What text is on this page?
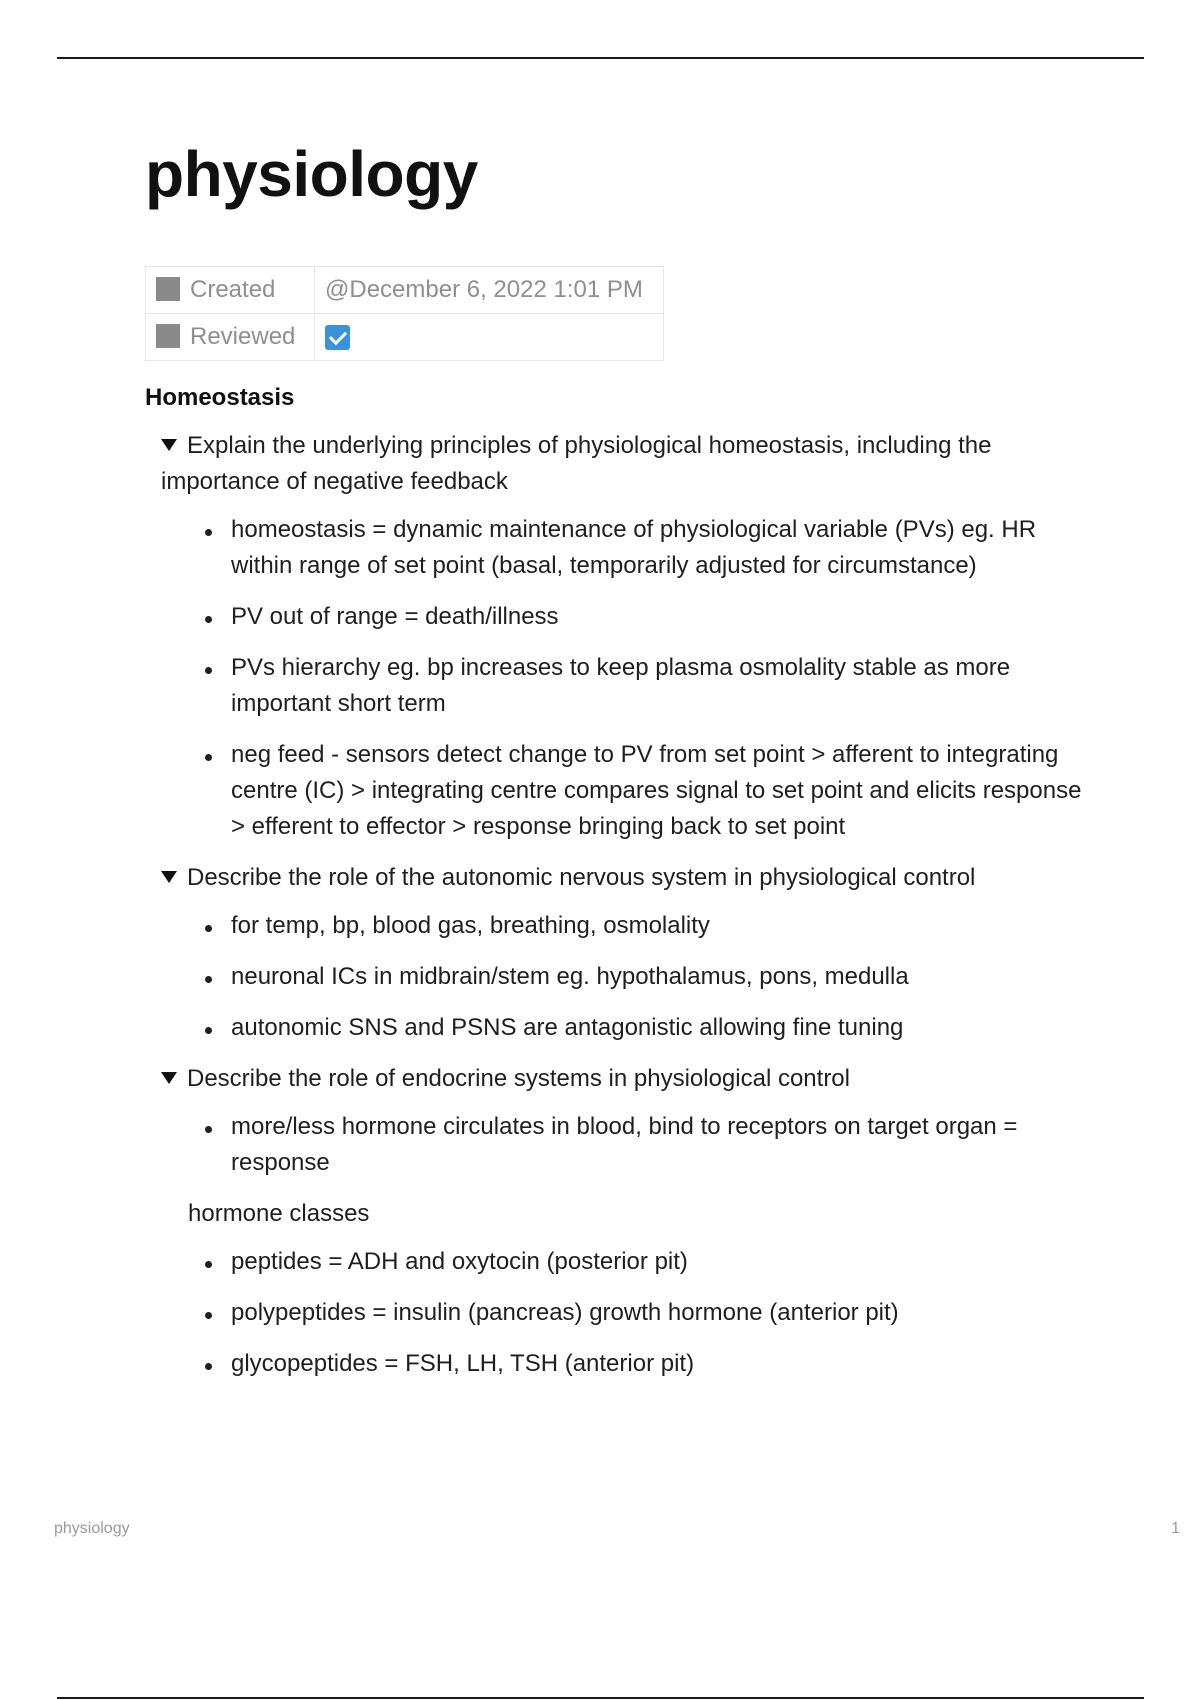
physiology
Created	@December 6, 2022 1:01 PM
Reviewed	
Homeostasis
Explain the underlying principles of physiological homeostasis, including the importance of negative feedback
homeostasis = dynamic maintenance of physiological variable (PVs) eg. HR within range of set point (basal, temporarily adjusted for circumstance)
PV out of range = death/illness
PVs hierarchy eg. bp increases to keep plasma osmolality stable as more important short term
neg feed - sensors detect change to PV from set point > afferent to integrating centre (IC) > integrating centre compares signal to set point and elicits response > efferent to effector > response bringing back to set point
Describe the role of the autonomic nervous system in physiological control
for temp, bp, blood gas, breathing, osmolality
neuronal ICs in midbrain/stem eg. hypothalamus, pons, medulla
autonomic SNS and PSNS are antagonistic allowing fine tuning
Describe the role of endocrine systems in physiological control
more/less hormone circulates in blood, bind to receptors on target organ = response
hormone classes
peptides = ADH and oxytocin (posterior pit)
polypeptides = insulin (pancreas) growth hormone (anterior pit)
glycopeptides = FSH, LH, TSH (anterior pit)
physiology	1
